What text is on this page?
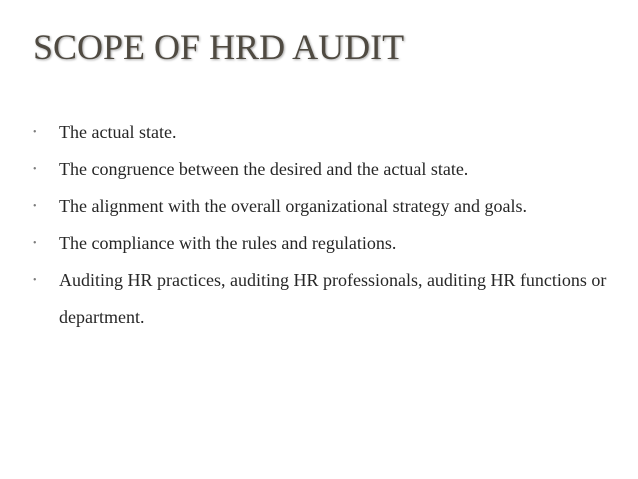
SCOPE OF HRD AUDIT
•	The actual state.
•	The congruence between the desired and the actual state.
•	The alignment with the overall organizational strategy and goals.
•	The compliance with the rules and regulations.
•	Auditing HR practices, auditing HR professionals, auditing HR functions or department.
